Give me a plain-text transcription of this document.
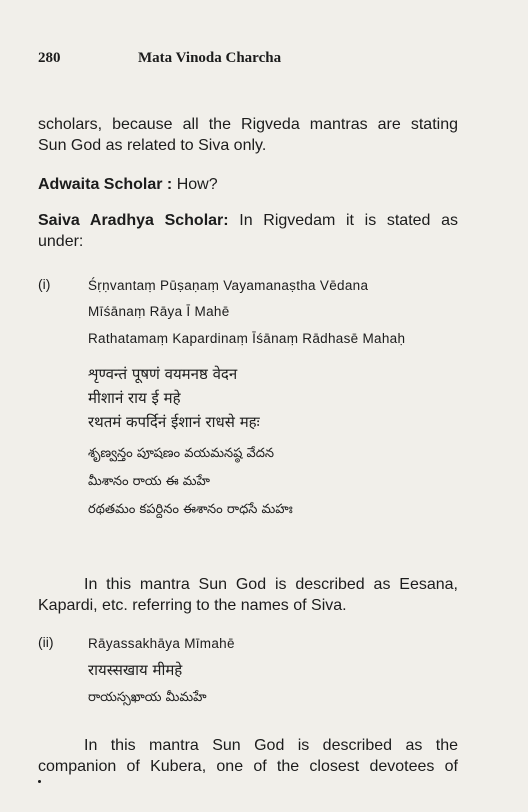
280	Mata Vinoda Charcha
scholars, because all the Rigveda mantras are stating
Sun God as related to Siva only.
Adwaita Scholar : How?
Saiva Aradhya Scholar: In Rigvedam it is stated as
under:
(i)	Śṛṇvantaṃ Pūṣaṇaṃ Vayamanaṣtha Vēdana
Mīśānaṃ Rāya Ī Mahē
Rathatamaṃ Kapardinaṃ Īśānaṃ Rādhasē Mahaḥ
शृण्वन्तं पूषणं वयमनष्ठ वेदन
मीशानं राय ई महे
रथतमं कपर्दिनं ईशानं राधसे महः
శృణ్వన్తం పూషణం వయమనష్ఠ వేదన
మీశానం రాయ ఈ మహే
రథతమం కపర్దినం ఈశానం రాధసే మహః
In this mantra Sun God is described as Eesana,
Kapardi, etc. referring to the names of Siva.
(ii)	Rāyassakhāya Mīmahē
रायस्सखाय मीमहे
రాయస్సఖాయ మీమహే
In this mantra Sun God is described as the
companion of Kubera, one of the closest devotees of
